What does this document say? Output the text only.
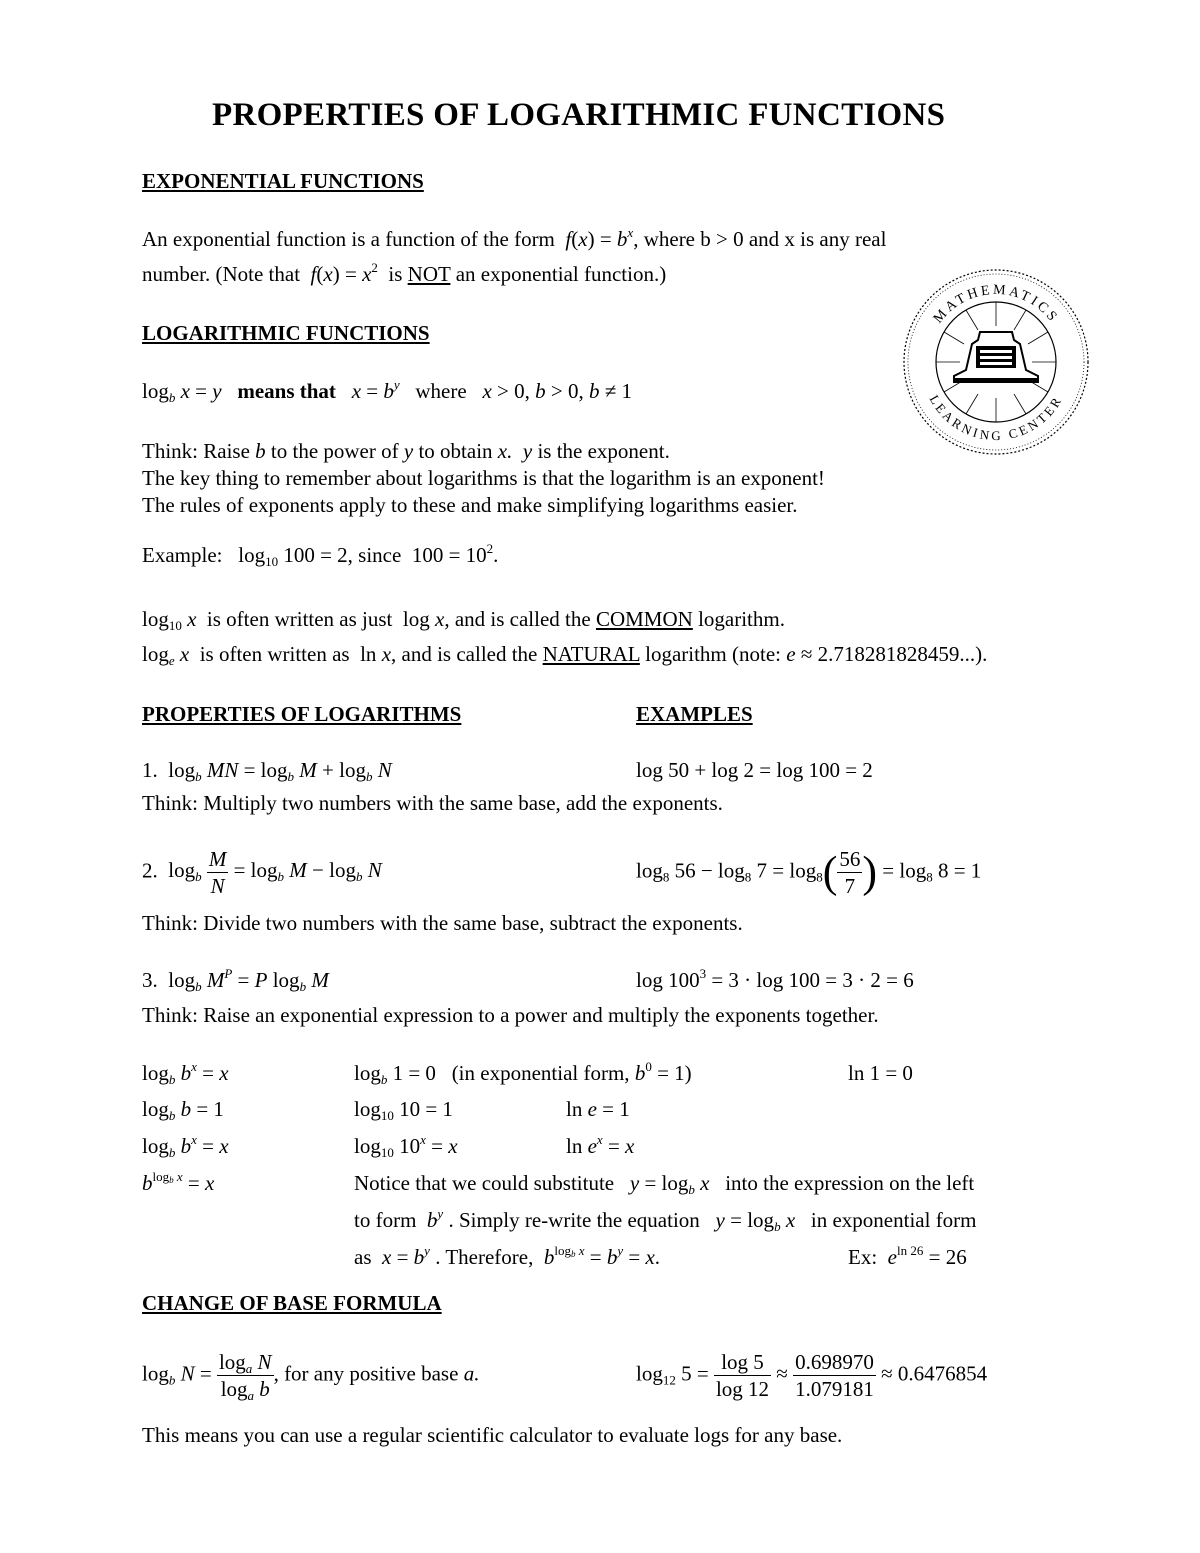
PROPERTIES OF LOGARITHMIC FUNCTIONS
EXPONENTIAL FUNCTIONS
An exponential function is a function of the form $f(x) = b^x$, where b > 0 and x is any real
number. (Note that $f(x) = x^2$ is NOT an exponential function.)
MATHEMATICS
LEARNING CENTER
LOGARITHMIC FUNCTIONS
$\log_b x = y$ means that $x = b^y$ where x > 0, b > 0, b ≠ 1
Think: Raise b to the power of y to obtain x. y is the exponent.
The key thing to remember about logarithms is that the logarithm is an exponent!
The rules of exponents apply to these and make simplifying logarithms easier.
Example:   $\log_{10} 100 = 2$, since  $100 = 10^2$.
$\log_{10} x$ is often written as just  log x, and is called the COMMON logarithm.
$\log_e x$ is often written as  ln x, and is called the NATURAL logarithm (note: e ≈ 2.718281828459...).
PROPERTIES OF LOGARITHMS	EXAMPLES
1.  $\log_b$ MN = $\log_b M + \log_b N$	log 50 + log 2 = log 100 = 2
Think: Multiply two numbers with the same base, add the exponents.
2.  $\log_b \frac{M}{N} = \log_b M - \log_b N$	$\log_8 56 - \log_8 7 = \log_8( \frac{56}{7}$ ) = $\log_8 8 = 1$
Think: Divide two numbers with the same base, subtract the exponents.
3.  $\log_b M^P = P$ $\log_b M$	$\log 100^3 = 3 \cdot \log 100 = 3 \cdot 2 = 6$
Think: Raise an exponential expression to a power and multiply the exponents together.
$\log_b b^x = x$	$\log_b 1 = 0$   (in exponential form, $b^0 = 1$)	ln 1 = 0
$\log_b b = 1$	$\log_{10} 10 = 1$	ln e = 1
$\log_b b^x = x$	$\log_{10} 10^x = x$	$\ln e^x = x$
$b^{log_b x} = x$	Notice that we could substitute $y = \log_b x$ into the expression on the left
to form $b^y$ . Simply re-write the equation $y = \log_b x$ in exponential form
as $x = b^y$ . Therefore, $b^{log_b x} = b^y = x$.	Ex: $e^{ln 26} = 26$
CHANGE OF BASE FORMULA
$\log_b N = \frac{\log_a N}{\log_a b}$ , for any positive base a.	$\log_{12} 5 = \frac{\log 5}{\log 12} \approx \frac{0.698970}{1.079181} \approx 0.6476854$
This means you can use a regular scientific calculator to evaluate logs for any base.
